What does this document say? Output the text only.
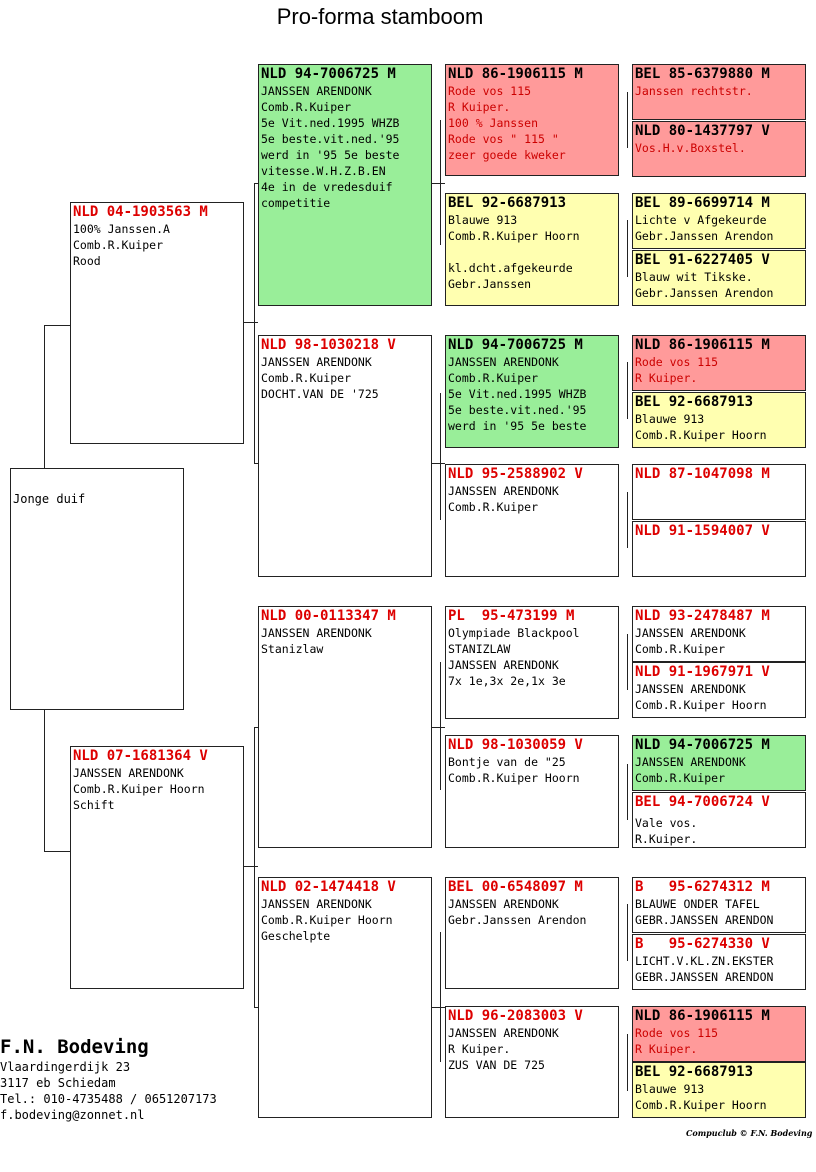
Pro-forma stamboom
Jonge duif
NLD 04-1903563 M
100% Janssen.A
Comb.R.Kuiper
Rood
NLD 07-1681364 V
JANSSEN ARENDONK
Comb.R.Kuiper Hoorn
Schift
NLD 94-7006725 M
JANSSEN ARENDONK
Comb.R.Kuiper
5e Vit.ned.1995 WHZB
5e beste.vit.ned.'95
werd in '95 5e beste
vitesse.W.H.Z.B.EN
4e in de vredesduif
competitie
NLD 98-1030218 V
JANSSEN ARENDONK
Comb.R.Kuiper
DOCHT.VAN DE '725
NLD 00-0113347 M
JANSSEN ARENDONK
Stanizlaw
NLD 02-1474418 V
JANSSEN ARENDONK
Comb.R.Kuiper Hoorn
Geschelpte
NLD 86-1906115 M
Rode vos 115
R Kuiper.
100 % Janssen
Rode vos " 115 "
zeer goede kweker
BEL 92-6687913
Blauwe 913
Comb.R.Kuiper Hoorn

kl.dcht.afgekeurde
Gebr.Janssen
NLD 94-7006725 M
JANSSEN ARENDONK
Comb.R.Kuiper
5e Vit.ned.1995 WHZB
5e beste.vit.ned.'95
werd in '95 5e beste
NLD 95-2588902 V
JANSSEN ARENDONK
Comb.R.Kuiper
PL  95-473199 M
Olympiade Blackpool
STANIZLAW
JANSSEN ARENDONK
7x 1e,3x 2e,1x 3e
NLD 98-1030059 V
Bontje van de "25
Comb.R.Kuiper Hoorn
BEL 00-6548097 M
JANSSEN ARENDONK
Gebr.Janssen Arendon
NLD 96-2083003 V
JANSSEN ARENDONK
R Kuiper.
ZUS VAN DE 725
BEL 85-6379880 M
Janssen rechtstr.
NLD 80-1437797 V
Vos.H.v.Boxstel.
BEL 89-6699714 M
Lichte v Afgekeurde
Gebr.Janssen Arendon
BEL 91-6227405 V
Blauw wit Tikske.
Gebr.Janssen Arendon
NLD 86-1906115 M
Rode vos 115
R Kuiper.
BEL 92-6687913
Blauwe 913
Comb.R.Kuiper Hoorn
NLD 87-1047098 M
NLD 91-1594007 V
NLD 93-2478487 M
JANSSEN ARENDONK
Comb.R.Kuiper
NLD 91-1967971 V
JANSSEN ARENDONK
Comb.R.Kuiper Hoorn
NLD 94-7006725 M
JANSSEN ARENDONK
Comb.R.Kuiper
BEL 94-7006724 V
Vale vos.
R.Kuiper.
B   95-6274312 M
BLAUWE ONDER TAFEL
GEBR.JANSSEN ARENDON
B   95-6274330 V
LICHT.V.KL.ZN.EKSTER
GEBR.JANSSEN ARENDON
NLD 86-1906115 M
Rode vos 115
R Kuiper.
BEL 92-6687913
Blauwe 913
Comb.R.Kuiper Hoorn
F.N. Bodeving
Vlaardingerdijk 23
3117 eb Schiedam
Tel.: 010-4735488 / 0651207173
f.bodeving@zonnet.nl
Compuclub © F.N. Bodeving
